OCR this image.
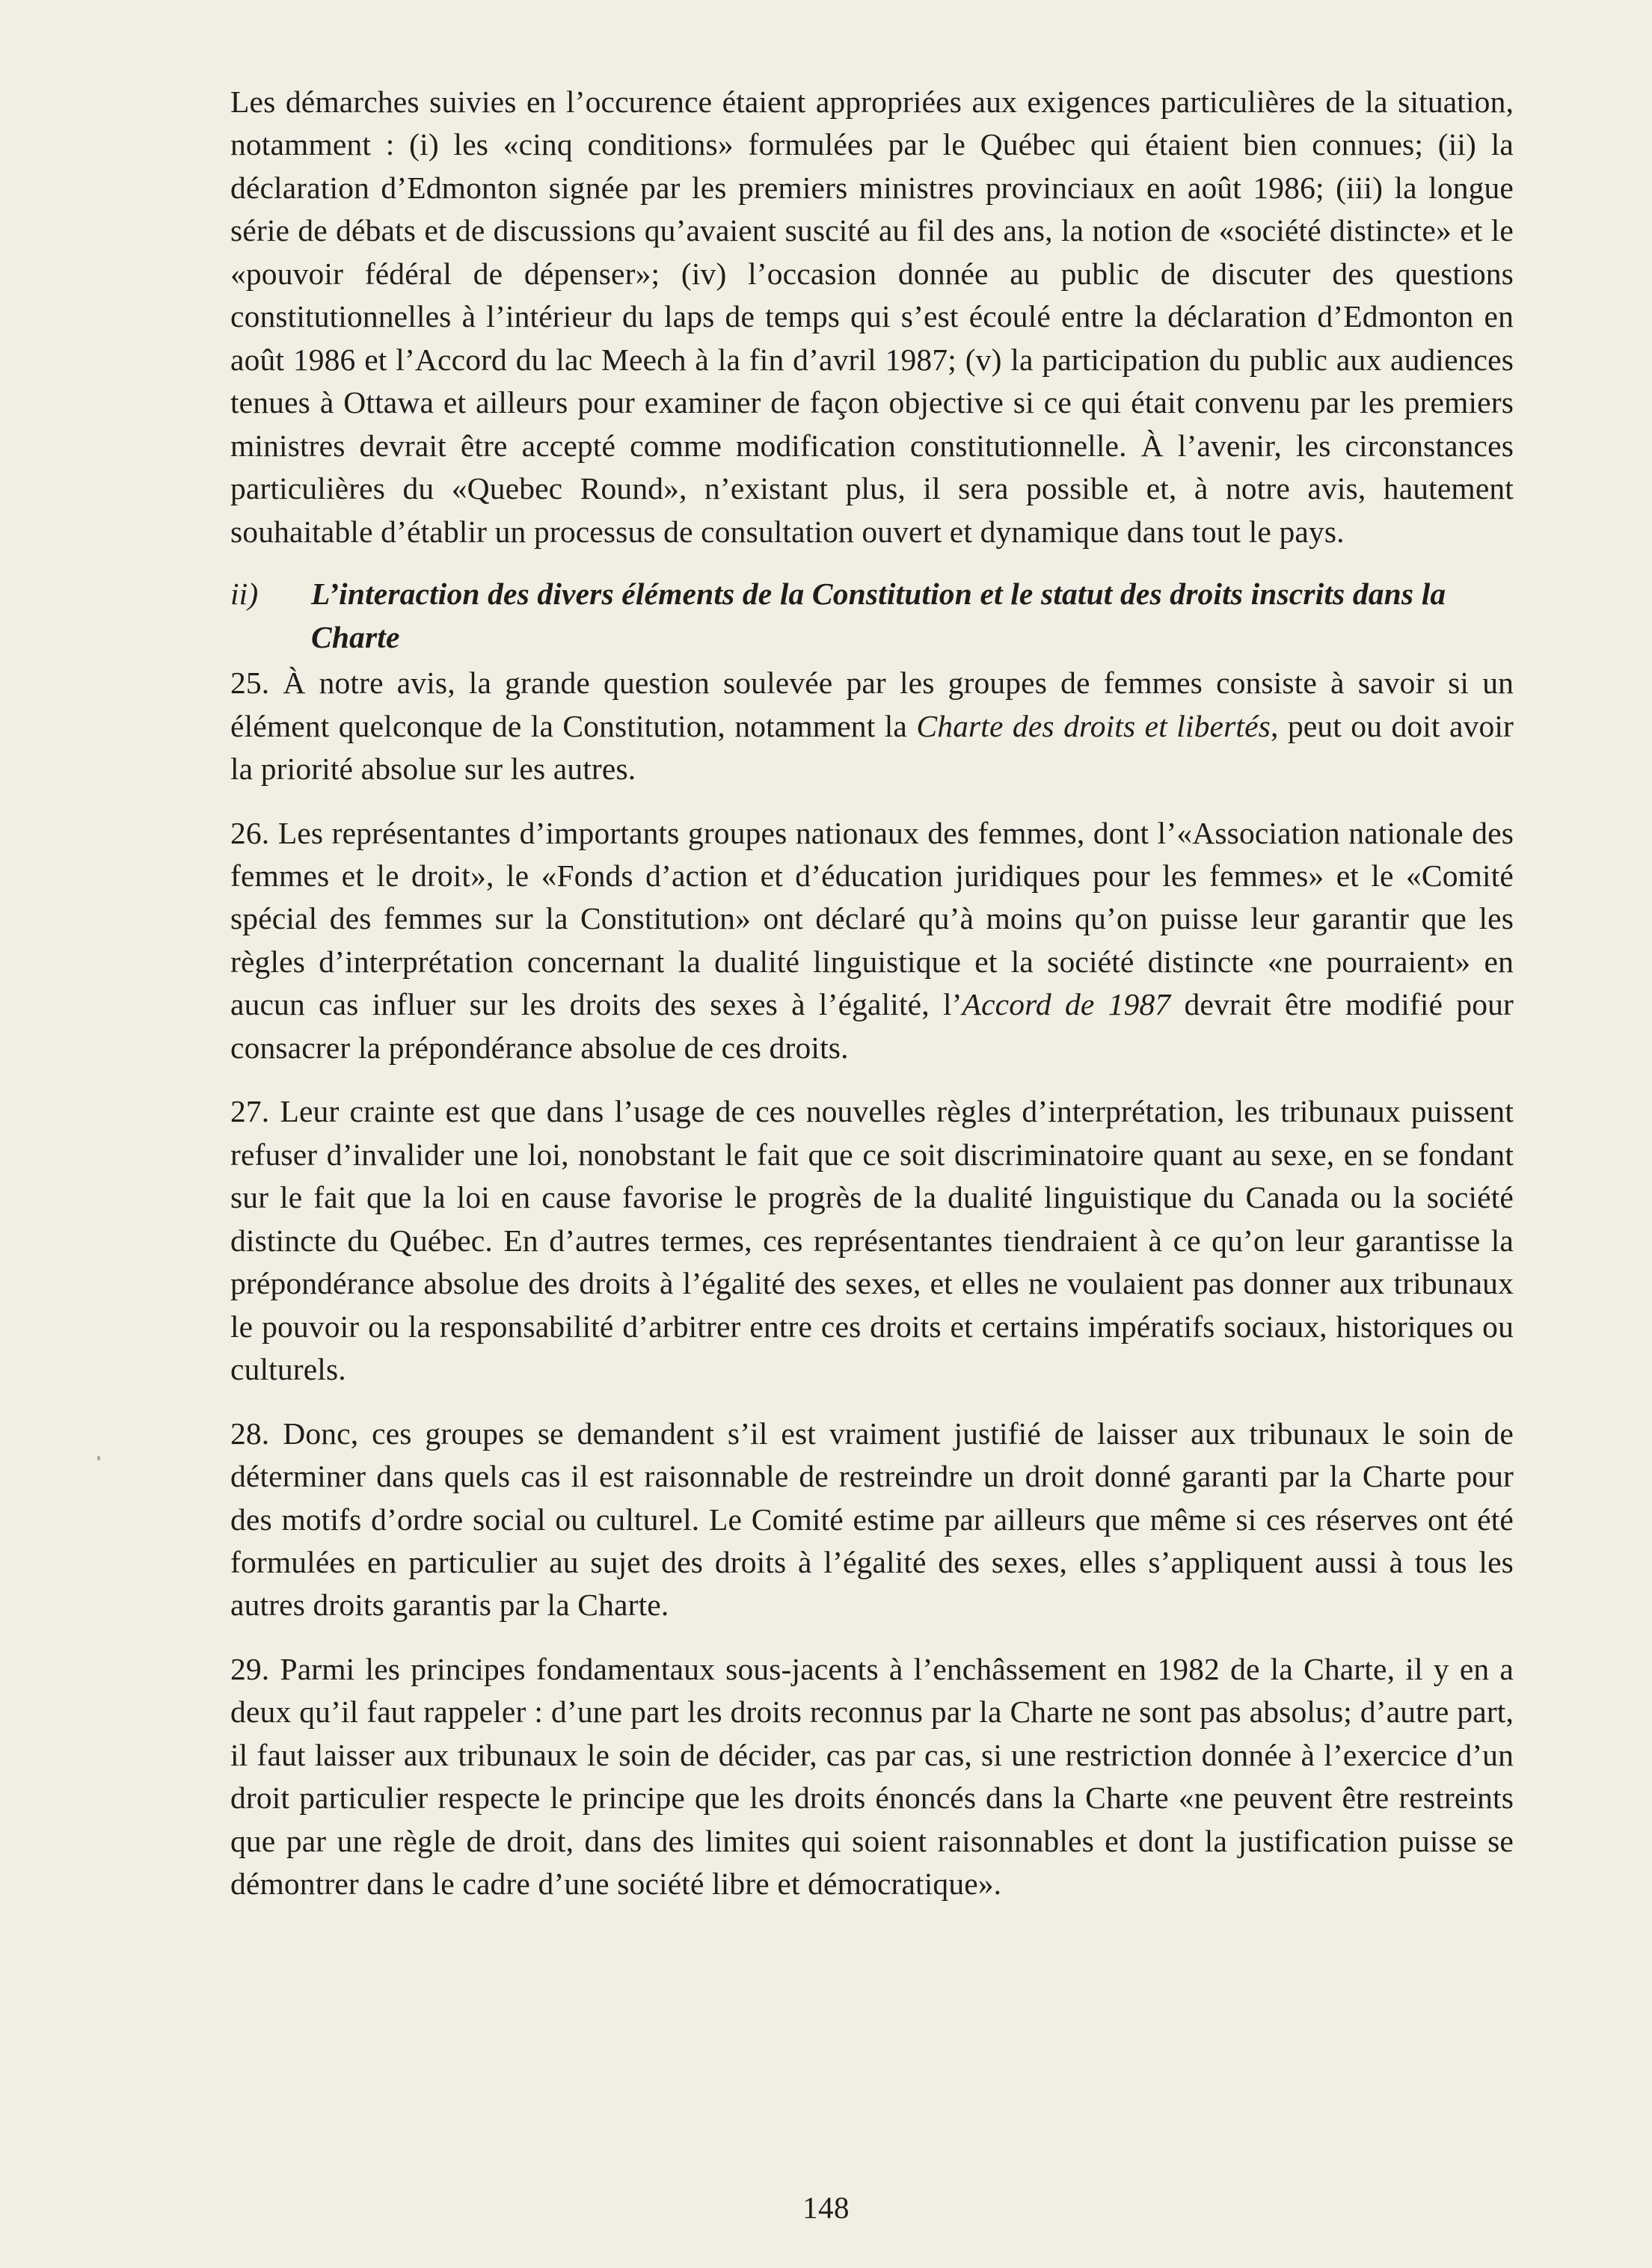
Les démarches suivies en l’occurence étaient appropriées aux exigences particulières de la situation, notamment : (i) les «cinq conditions» formulées par le Québec qui étaient bien connues; (ii) la déclaration d’Edmonton signée par les premiers ministres provinciaux en août 1986; (iii) la longue série de débats et de discussions qu’avaient suscité au fil des ans, la notion de «société distincte» et le «pouvoir fédéral de dépenser»; (iv) l’occasion donnée au public de discuter des questions constitutionnelles à l’intérieur du laps de temps qui s’est écoulé entre la déclaration d’Edmonton en août 1986 et l’Accord du lac Meech à la fin d’avril 1987; (v) la participation du public aux audiences tenues à Ottawa et ailleurs pour examiner de façon objective si ce qui était convenu par les premiers ministres devrait être accepté comme modification constitutionnelle. À l’avenir, les circonstances particulières du «Quebec Round», n’existant plus, il sera possible et, à notre avis, hautement souhaitable d’établir un processus de consultation ouvert et dynamique dans tout le pays.

ii)	L’interaction des divers éléments de la Constitution et le statut des droits inscrits dans la Charte

25. À notre avis, la grande question soulevée par les groupes de femmes consiste à savoir si un élément quelconque de la Constitution, notamment la Charte des droits et libertés, peut ou doit avoir la priorité absolue sur les autres.

26. Les représentantes d’importants groupes nationaux des femmes, dont l’«Association nationale des femmes et le droit», le «Fonds d’action et d’éducation juridiques pour les femmes» et le «Comité spécial des femmes sur la Constitution» ont déclaré qu’à moins qu’on puisse leur garantir que les règles d’interprétation concernant la dualité linguistique et la société distincte «ne pourraient» en aucun cas influer sur les droits des sexes à l’égalité, l’Accord de 1987 devrait être modifié pour consacrer la prépondérance absolue de ces droits.

27. Leur crainte est que dans l’usage de ces nouvelles règles d’interprétation, les tribunaux puissent refuser d’invalider une loi, nonobstant le fait que ce soit discriminatoire quant au sexe, en se fondant sur le fait que la loi en cause favorise le progrès de la dualité linguistique du Canada ou la société distincte du Québec. En d’autres termes, ces représentantes tiendraient à ce qu’on leur garantisse la prépondérance absolue des droits à l’égalité des sexes, et elles ne voulaient pas donner aux tribunaux le pouvoir ou la responsabilité d’arbitrer entre ces droits et certains impératifs sociaux, historiques ou culturels.

28. Donc, ces groupes se demandent s’il est vraiment justifié de laisser aux tribunaux le soin de déterminer dans quels cas il est raisonnable de restreindre un droit donné garanti par la Charte pour des motifs d’ordre social ou culturel. Le Comité estime par ailleurs que même si ces réserves ont été formulées en particulier au sujet des droits à l’égalité des sexes, elles s’appliquent aussi à tous les autres droits garantis par la Charte.

29. Parmi les principes fondamentaux sous-jacents à l’enchâssement en 1982 de la Charte, il y en a deux qu’il faut rappeler : d’une part les droits reconnus par la Charte ne sont pas absolus; d’autre part, il faut laisser aux tribunaux le soin de décider, cas par cas, si une restriction donnée à l’exercice d’un droit particulier respecte le principe que les droits énoncés dans la Charte «ne peuvent être restreints que par une règle de droit, dans des limites qui soient raisonnables et dont la justification puisse se démontrer dans le cadre d’une société libre et démocratique».

148
